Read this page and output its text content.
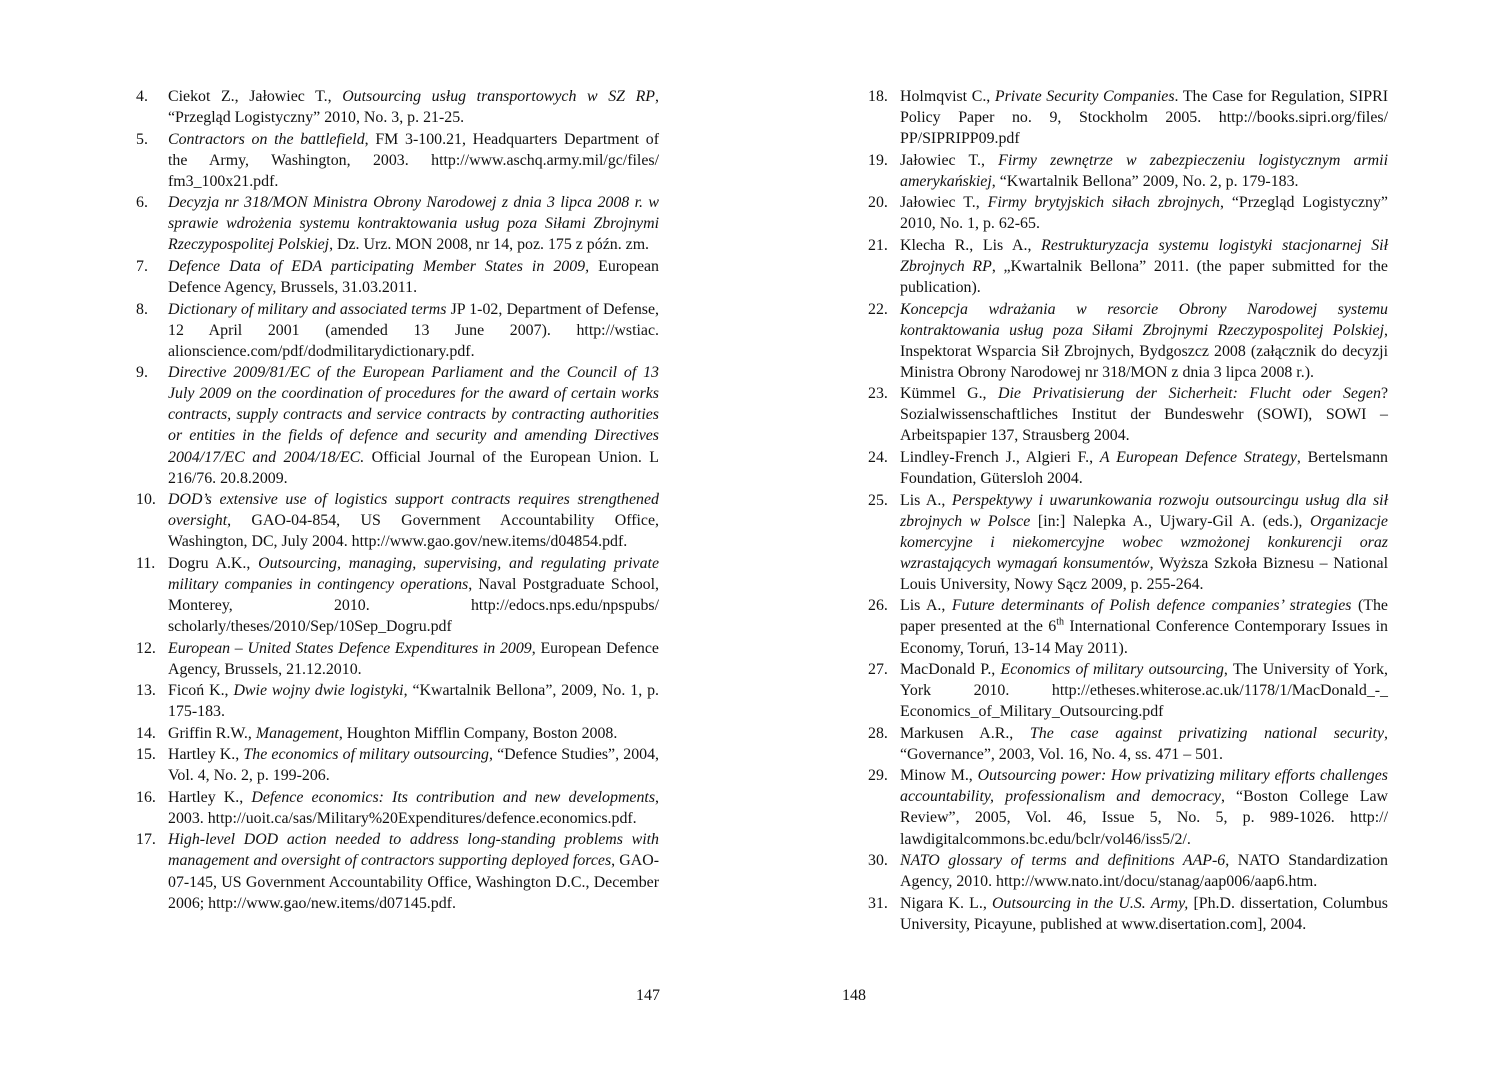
4. Ciekot Z., Jałowiec T., Outsourcing usług transportowych w SZ RP, “Przegląd Logistyczny” 2010, No. 3, p. 21-25.
5. Contractors on the battlefield, FM 3-100.21, Headquarters Department of the Army, Washington, 2003. http://www.aschq.army.mil/gc/files/ fm3_100x21.pdf.
6. Decyzja nr 318/MON Ministra Obrony Narodowej z dnia 3 lipca 2008 r. w sprawie wdrożenia systemu kontraktowania usług poza Siłami Zbrojnymi Rzeczypospolitej Polskiej, Dz. Urz. MON 2008, nr 14, poz. 175 z późn. zm.
7. Defence Data of EDA participating Member States in 2009, European Defence Agency, Brussels, 31.03.2011.
8. Dictionary of military and associated terms JP 1-02, Department of Defense, 12 April 2001 (amended 13 June 2007). http://wstiac. alionscience.com/pdf/dodmilitarydictionary.pdf.
9. Directive 2009/81/EC of the European Parliament and the Council of 13 July 2009 on the coordination of procedures for the award of certain works contracts, supply contracts and service contracts by contracting authorities or entities in the fields of defence and security and amending Directives 2004/17/EC and 2004/18/EC. Official Journal of the European Union. L 216/76. 20.8.2009.
10. DOD’s extensive use of logistics support contracts requires strengthened oversight, GAO-04-854, US Government Accountability Office, Washington, DC, July 2004. http://www.gao.gov/new.items/d04854.pdf.
11. Dogru A.K., Outsourcing, managing, supervising, and regulating private military companies in contingency operations, Naval Postgraduate School, Monterey, 2010. http://edocs.nps.edu/npspubs/ scholarly/theses/2010/Sep/10Sep_Dogru.pdf
12. European – United States Defence Expenditures in 2009, European Defence Agency, Brussels, 21.12.2010.
13. Ficoń K., Dwie wojny dwie logistyki, “Kwartalnik Bellona”, 2009, No. 1, p. 175-183.
14. Griffin R.W., Management, Houghton Mifflin Company, Boston 2008.
15. Hartley K., The economics of military outsourcing, “Defence Studies”, 2004, Vol. 4, No. 2, p. 199-206.
16. Hartley K., Defence economics: Its contribution and new developments, 2003. http://uoit.ca/sas/Military%20Expenditures/defence.economics.pdf.
17. High-level DOD action needed to address long-standing problems with management and oversight of contractors supporting deployed forces, GAO-07-145, US Government Accountability Office, Washington D.C., December 2006; http://www.gao/new.items/d07145.pdf.
147
18. Holmqvist C., Private Security Companies. The Case for Regulation, SIPRI Policy Paper no. 9, Stockholm 2005. http://books.sipri.org/files/ PP/SIPRIPP09.pdf
19. Jałowiec T., Firmy zewnętrze w zabezpieczeniu logistycznym armii amerykańskiej, “Kwartalnik Bellona” 2009, No. 2, p. 179-183.
20. Jałowiec T., Firmy brytyjskich siłach zbrojnych, “Przegląd Logistyczny” 2010, No. 1, p. 62-65.
21. Klecha R., Lis A., Restrukturyzacja systemu logistyki stacjonarnej Sił Zbrojnych RP, „Kwartalnik Bellona” 2011. (the paper submitted for the publication).
22. Koncepcja wdrażania w resorcie Obrony Narodowej systemu kontraktowania usług poza Siłami Zbrojnymi Rzeczypospolitej Polskiej, Inspektorat Wsparcia Sił Zbrojnych, Bydgoszcz 2008 (załącznik do decyzji Ministra Obrony Narodowej nr 318/MON z dnia 3 lipca 2008 r.).
23. Kümmel G., Die Privatisierung der Sicherheit: Flucht oder Segen? Sozialwissenschaftliches Institut der Bundeswehr (SOWI), SOWI – Arbeitspapier 137, Strausberg 2004.
24. Lindley-French J., Algieri F., A European Defence Strategy, Bertelsmann Foundation, Gütersloh 2004.
25. Lis A., Perspektywy i uwarunkowania rozwoju outsourcingu usług dla sił zbrojnych w Polsce [in:] Nalepka A., Ujwary-Gil A. (eds.), Organizacje komercyjne i niekomercyjne wobec wzmożonej konkurencji oraz wzrastających wymagań konsumentów, Wyższa Szkoła Biznesu – National Louis University, Nowy Sącz 2009, p. 255-264.
26. Lis A., Future determinants of Polish defence companies’ strategies (The paper presented at the 6th International Conference Contemporary Issues in Economy, Toruń, 13-14 May 2011).
27. MacDonald P., Economics of military outsourcing, The University of York, York 2010. http://etheses.whiterose.ac.uk/1178/1/MacDonald_-_ Economics_of_Military_Outsourcing.pdf
28. Markusen A.R., The case against privatizing national security, “Governance”, 2003, Vol. 16, No. 4, ss. 471 – 501.
29. Minow M., Outsourcing power: How privatizing military efforts challenges accountability, professionalism and democracy, “Boston College Law Review”, 2005, Vol. 46, Issue 5, No. 5, p. 989-1026. http:// lawdigitalcommons.bc.edu/bclr/vol46/iss5/2/.
30. NATO glossary of terms and definitions AAP-6, NATO Standardization Agency, 2010. http://www.nato.int/docu/stanag/aap006/aap6.htm.
31. Nigara K. L., Outsourcing in the U.S. Army, [Ph.D. dissertation, Columbus University, Picayune, published at www.disertation.com], 2004.
148
